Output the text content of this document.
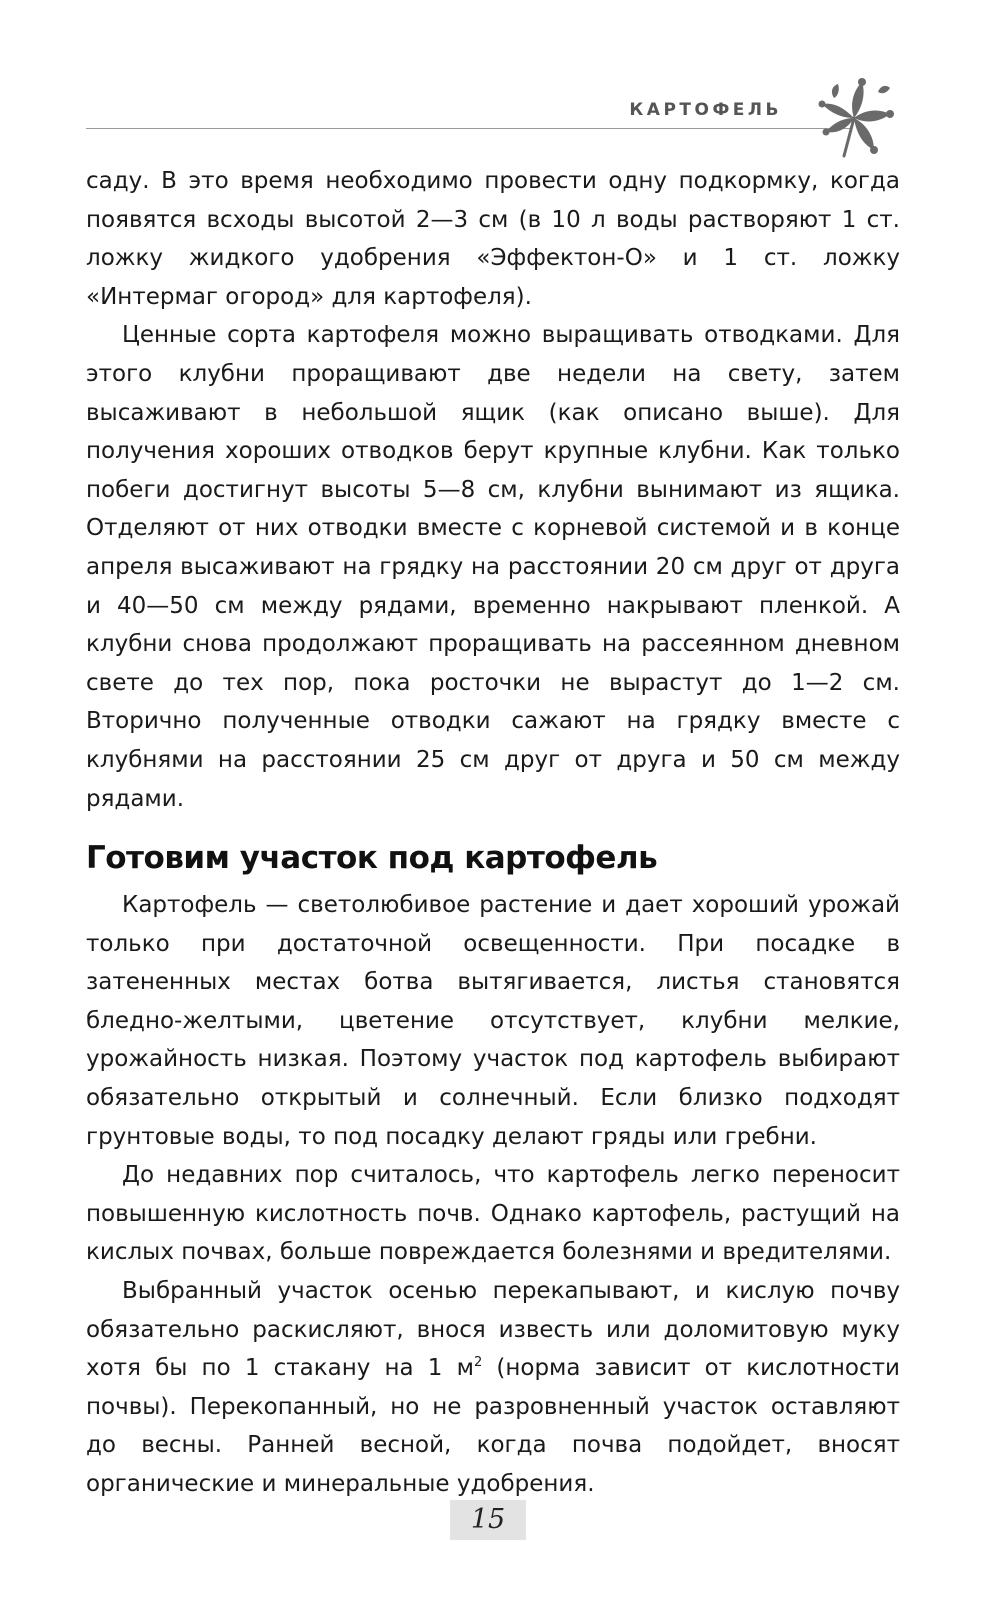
КАРТОФЕЛЬ

саду. В это время необходимо провести одну подкормку, когда появятся всходы высотой 2—3 см (в 10 л воды растворяют 1 ст. ложку жидкого удобрения «Эффектон-О» и 1 ст. ложку «Интермаг огород» для картофеля).

Ценные сорта картофеля можно выращивать отводками. Для этого клубни проращивают две недели на свету, затем высаживают в небольшой ящик (как описано выше). Для получения хороших отводков берут крупные клубни. Как только побеги достигнут высоты 5—8 см, клубни вынимают из ящика. Отделяют от них отводки вместе с корневой системой и в конце апреля высаживают на грядку на расстоянии 20 см друг от друга и 40—50 см между рядами, временно накрывают пленкой. А клубни снова продолжают проращивать на рассеянном дневном свете до тех пор, пока росточки не вырастут до 1—2 см. Вторично полученные отводки сажают на грядку вместе с клубнями на расстоянии 25 см друг от друга и 50 см между рядами.

Готовим участок под картофель

Картофель — светолюбивое растение и дает хороший урожай только при достаточной освещенности. При посадке в затененных местах ботва вытягивается, листья становятся бледно-желтыми, цветение отсутствует, клубни мелкие, урожайность низкая. Поэтому участок под картофель выбирают обязательно открытый и солнечный. Если близко подходят грунтовые воды, то под посадку делают гряды или гребни.

До недавних пор считалось, что картофель легко переносит повышенную кислотность почв. Однако картофель, растущий на кислых почвах, больше повреждается болезнями и вредителями.

Выбранный участок осенью перекапывают, и кислую почву обязательно раскисляют, внося известь или доломитовую муку хотя бы по 1 стакану на 1 $м^2$ (норма зависит от кислотности почвы). Перекопанный, но не разровненный участок оставляют до весны. Ранней весной, когда почва подойдет, вносят органические и минеральные удобрения.

15
